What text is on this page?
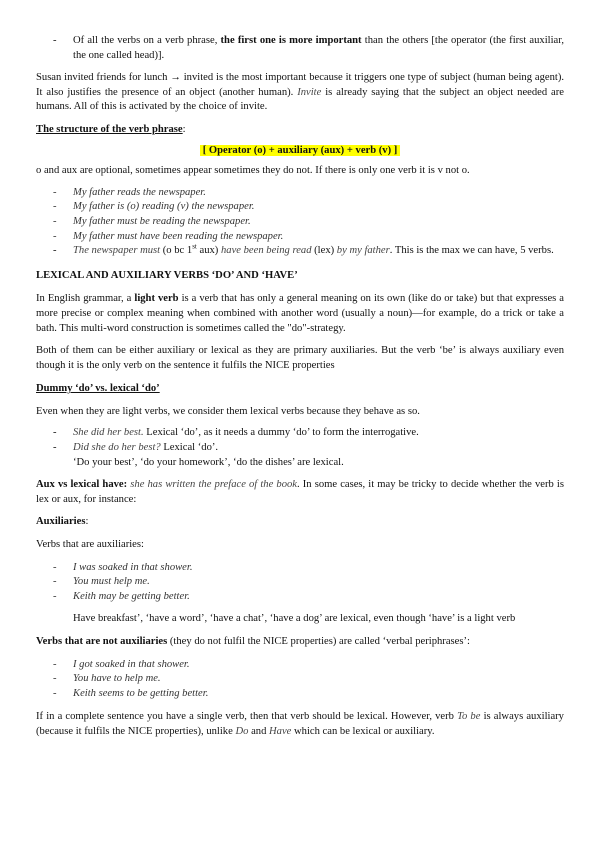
- Of all the verbs on a verb phrase, the first one is more important than the others [the operator (the first auxiliar, the one called head)].

Susan invited friends for lunch → invited is the most important because it triggers one type of subject (human being agent). It also justifies the presence of an object (another human). Invite is already saying that the subject an object needed are humans. All of this is activated by the choice of invite.

The structure of the verb phrase:

[ Operator (o) + auxiliary (aux) + verb (v) ]

o and aux are optional, sometimes appear sometimes they do not. If there is only one verb it is v not o.

- My father reads the newspaper.
- My father is (o) reading (v) the newspaper.
- My father must be reading the newspaper.
- My father must have been reading the newspaper.
- The newspaper must (o bc 1st aux) have been being read (lex) by my father. This is the max we can have, 5 verbs.

LEXICAL AND AUXILIARY VERBS ‘DO’ AND ‘HAVE’

In English grammar, a light verb is a verb that has only a general meaning on its own (like do or take) but that expresses a more precise or complex meaning when combined with another word (usually a noun)—for example, do a trick or take a bath. This multi-word construction is sometimes called the "do"-strategy.

Both of them can be either auxiliary or lexical as they are primary auxiliaries. But the verb ‘be’ is always auxiliary even though it is the only verb on the sentence it fulfils the NICE properties

Dummy ‘do’ vs. lexical ‘do’

Even when they are light verbs, we consider them lexical verbs because they behave as so.

- She did her best. Lexical ‘do’, as it needs a dummy ‘do’ to form the interrogative.
- Did she do her best? Lexical ‘do’.
‘Do your best’, ‘do your homework’, ‘do the dishes’ are lexical.

Aux vs lexical have: she has written the preface of the book. In some cases, it may be tricky to decide whether the verb is lex or aux, for instance:

Auxiliaries:

Verbs that are auxiliaries:

- I was soaked in that shower.
- You must help me.
- Keith may be getting better.

Have breakfast’, ‘have a word’, ‘have a chat’, ‘have a dog’ are lexical, even though ‘have’ is a light verb

Verbs that are not auxiliaries (they do not fulfil the NICE properties) are called ‘verbal periphrases’:

- I got soaked in that shower.
- You have to help me.
- Keith seems to be getting better.

If in a complete sentence you have a single verb, then that verb should be lexical. However, verb To be is always auxiliary (because it fulfils the NICE properties), unlike Do and Have which can be lexical or auxiliary.
